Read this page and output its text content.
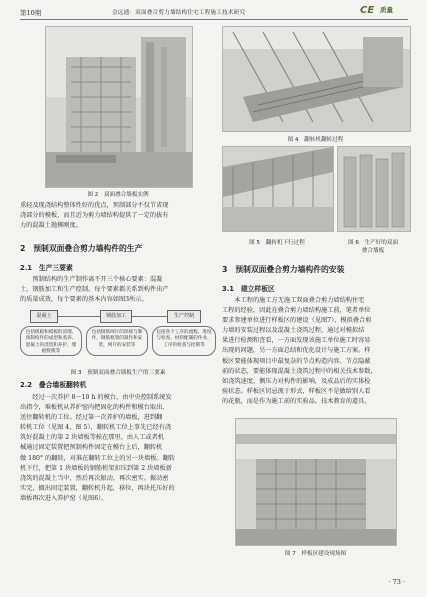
第10期	会远通：双面叠合剪力墙结构住宅工程施工技术研究	CE 质量
图 2　双面叠合墙板实例
重轻及现浇结构整体性好的优点，预制部分不仅节省现
浇部分的模板，而且近为剪力墙结构提供了一定的拔有
力的混凝土抛掷刚度。
2　预制双面叠合剪力墙构件的生产
2.1　生产三要素
预制结构的生产制作离不开三个核心要素：混凝
土、钢筋加工和生产控制，每个要素都关系到构件出产
的质量成效，每个要素的基本内容如图3所示。
混凝土	钢筋加工	生产控制
包括模板和模板的清理、预制构件的成型和蒸养、混凝土的浇筑和养护，墙板脱模等
包括钢筋网片的焊接与制作，钢筋框架的制作和安装，网片的安装等
包括各个工序的流程、进度与检查、材料配制的作业、工序的检查与控制等
图 3　预制双面叠合墙板生产的三要素
2.2　叠合墙板翻转机
经过一次养护 8～10 h 的模台，由中央控制系统发
出指令，堆板机从养护窑内把固化的构件和模台取出，
送往翻转机的工位。经过第一次养护的墙板，进到翻
转机工位（见图 4，图 5），翻转机工位上事先已经有浇
筑好混凝土的第 2 块墙板等候在那里。由人工或者机
械通过固定装置把预制构件固定在模台上后，翻转机
做 180° 的翻转，对准在翻转工位上的另一块墙板。翻转
机下行，把第 1 块墙板的钢筋桁架扣压到第 2 块墙板新
浇筑的混凝土当中，然后再次振动，再次密实。振动密
实完，撤出固定装置，翻转机升起，移位，再块托压好的
墙板再次进入养护窑（见图6）。
图 4　翻转机翻转过程
图 5　翻转机下行过程	图 6　生产好的双面
叠合墙板
3　预制双面叠合剪力墙构件的安装
3.1　建立样板区
本工程的施工方无施工双面叠合剪力墙结构住宅
工程的经验，因此在叠合剪力墙结构施工前，笔者单位
要求参建单位进行样板区的建设（见图7），模拟叠合剪
力墙的安装过程以及混凝土浇筑过程，通过对模拟结
果进行检测和查看，一方面发现该施工单位施工时容易
出现的问题，另一方面总结和优化设计与施工方案。样
板区要能体现项目中最复杂的节点构造内容、节点隐蔽
前的状态，要能体现混凝土浇筑过程中的相关技术参数，
如浇筑速度、侧压力对构件的影响，及成品后的实体检
验状态。样板区切忌流于形式，样板区不是做给别人看
的花瓶，而是作为施工前的实验品、技术教育的道具。
图 7　样板区建设现场图
· 73 ·
